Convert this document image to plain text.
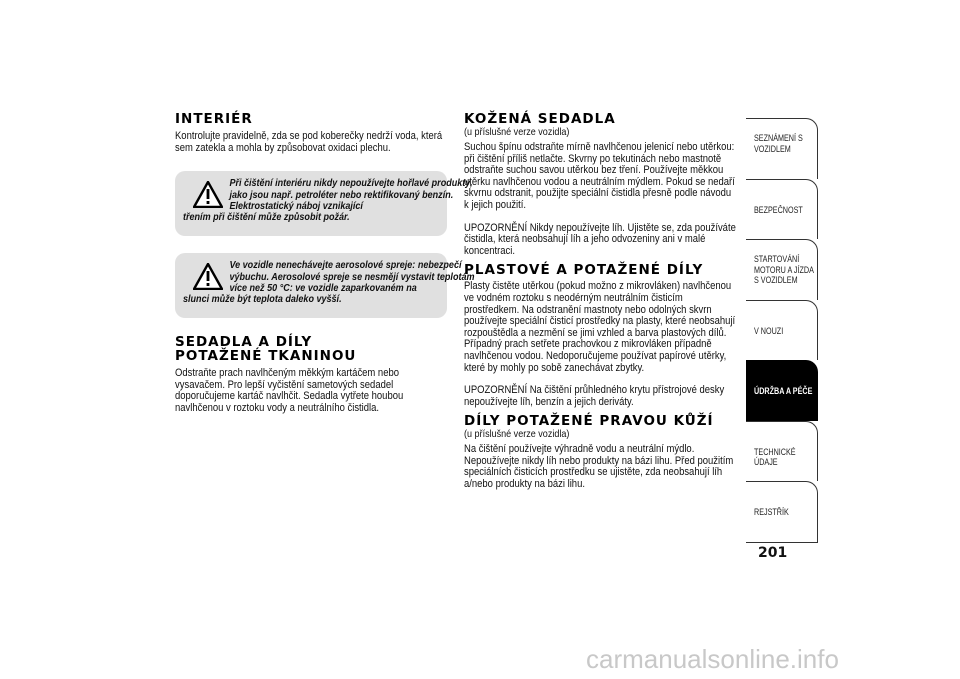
INTERIÉR

Kontrolujte pravidelně, zda se pod koberečky nedrží voda, která sem zatekla a mohla by způsobovat oxidaci plechu.

Při čištění interiéru nikdy nepoužívejte hořlavé produkty, jako jsou např. petroléter nebo rektifikovaný benzín. Elektrostatický náboj vznikající

třením při čištění může způsobit požár.

Ve vozidle nenechávejte aerosolové spreje: nebezpečí výbuchu. Aerosolové spreje se nesmějí vystavit teplotám více než 50 °C: ve vozidle zaparkovaném na

slunci může být teplota daleko vyšší.

SEDADLA A DÍLY POTAŽENÉ TKANINOU

Odstraňte prach navlhčeným měkkým kartáčem nebo vysavačem. Pro lepší vyčistění sametových sedadel doporučujeme kartáč navlhčit. Sedadla vytřete houbou navlhčenou v roztoku vody a neutrálního čistidla.

KOŽENÁ SEDADLA

(u příslušné verze vozidla)

Suchou špínu odstraňte mírně navlhčenou jelenicí nebo utěrkou: při čištění příliš netlačte. Skvrny po tekutinách nebo mastnotě odstraňte suchou savou utěrkou bez tření. Používejte měkkou utěrku navlhčenou vodou a neutrálním mýdlem. Pokud se nedaří skvrnu odstranit, použijte speciální čistidla přesně podle návodu k jejich použití.

UPOZORNĚNÍ Nikdy nepoužívejte líh. Ujistěte se, zda používáte čistidla, která neobsahují líh a jeho odvozeniny ani v malé koncentraci.

PLASTOVÉ A POTAŽENÉ DÍLY

Plasty čistěte utěrkou (pokud možno z mikrovláken) navlhčenou ve vodném roztoku s neodérným neutrálním čisticím prostředkem. Na odstranění mastnoty nebo odolných skvrn používejte speciální čisticí prostředky na plasty, které neobsahují rozpouštědla a nezmění se jimi vzhled a barva plastových dílů.

Případný prach setřete prachovkou z mikrovláken případně navlhčenou vodou. Nedoporučujeme používat papírové utěrky, které by mohly po sobě zanechávat zbytky.

UPOZORNĚNÍ Na čištění průhledného krytu přístrojové desky nepoužívejte líh, benzín a jejich deriváty.

DÍLY POTAŽENÉ PRAVOU KŮŽÍ

(u příslušné verze vozidla)

Na čištění používejte výhradně vodu a neutrální mýdlo. Nepoužívejte nikdy líh nebo produkty na bázi lihu. Před použitím speciálních čisticích prostředku se ujistěte, zda neobsahují líh a/nebo produkty na bázi lihu.

SEZNÁMENÍ S VOZIDLEM
BEZPEČNOST
STARTOVÁNÍ MOTORU A JÍZDA S VOZIDLEM
V NOUZI
ÚDRŽBA A PÉČE
TECHNICKÉ ÚDAJE
REJSTŘÍK
201
carmanualsonline.info
